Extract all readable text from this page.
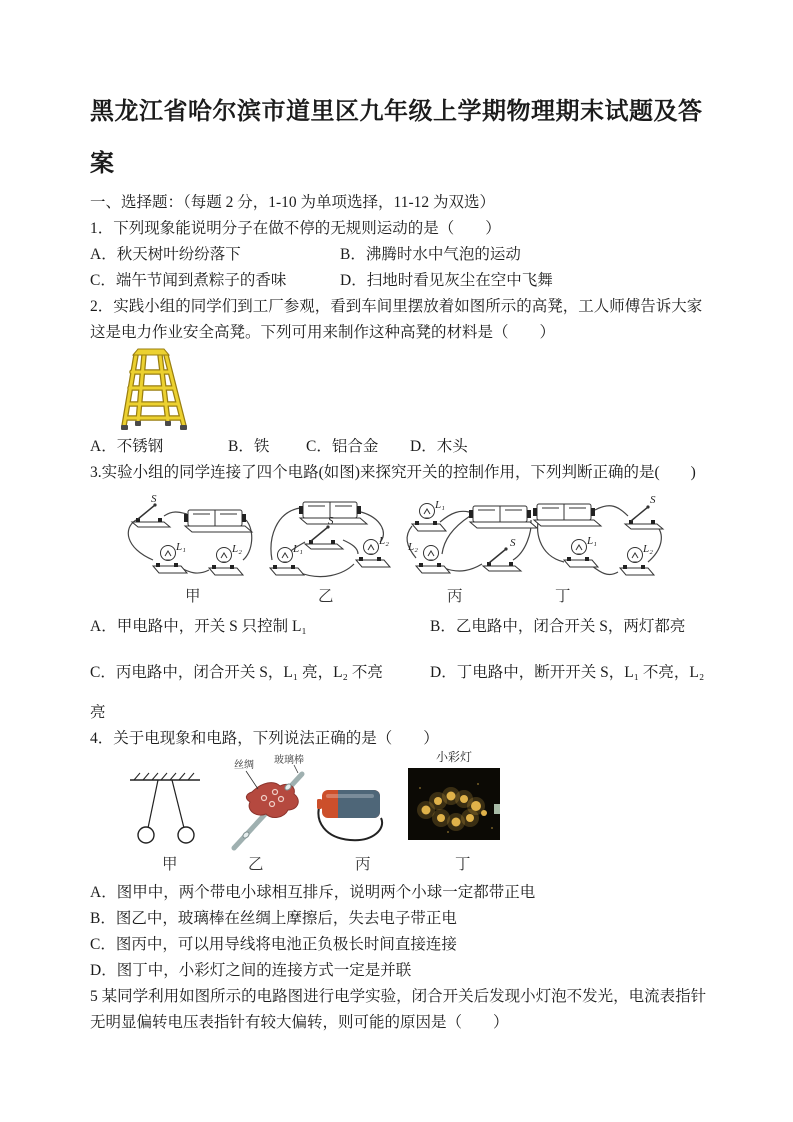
黑龙江省哈尔滨市道里区九年级上学期物理期末试题及答案

一、选择题：（每题 2 分，1-10 为单项选择，11-12 为双选）

1．下列现象能说明分子在做不停的无规则运动的是（　　）

A．秋天树叶纷纷落下	B．沸腾时水中气泡的运动
C．端午节闻到煮粽子的香味	D．扫地时看见灰尘在空中飞舞

2．实践小组的同学们到工厂参观，看到车间里摆放着如图所示的高凳，工人师傅告诉大家

这是电力作业安全高凳。下列可用来制作这种高凳的材料是（　　）

A．不锈钢	B．铁	C．铝合金	D．木头

3.实验小组的同学连接了四个电路(如图)来探究开关的控制作用，下列判断正确的是(　　)

S
L₁	L₂
S
L₁
L₂
L₁
L₂	S
S
L₁
L₂
甲	乙	丙	丁
A．甲电路中，开关 S 只控制 L₁	B．乙电路中，闭合开关 S，两灯都亮
C．丙电路中，闭合开关 S，L₁ 亮，L₂ 不亮	D．丁电路中，断开开关 S，L₁ 不亮，L₂

亮

4．关于电现象和电路，下列说法正确的是（　　）

丝绸 玻璃棒	小彩灯
甲	乙	丙	丁

A．图甲中，两个带电小球相互排斥，说明两个小球一定都带正电

B．图乙中，玻璃棒在丝绸上摩擦后，失去电子带正电

C．图丙中，可以用导线将电池正负极长时间直接连接

D．图丁中，小彩灯之间的连接方式一定是并联

5 某同学利用如图所示的电路图进行电学实验，闭合开关后发现小灯泡不发光，电流表指针

无明显偏转电压表指针有较大偏转，则可能的原因是（　　）
